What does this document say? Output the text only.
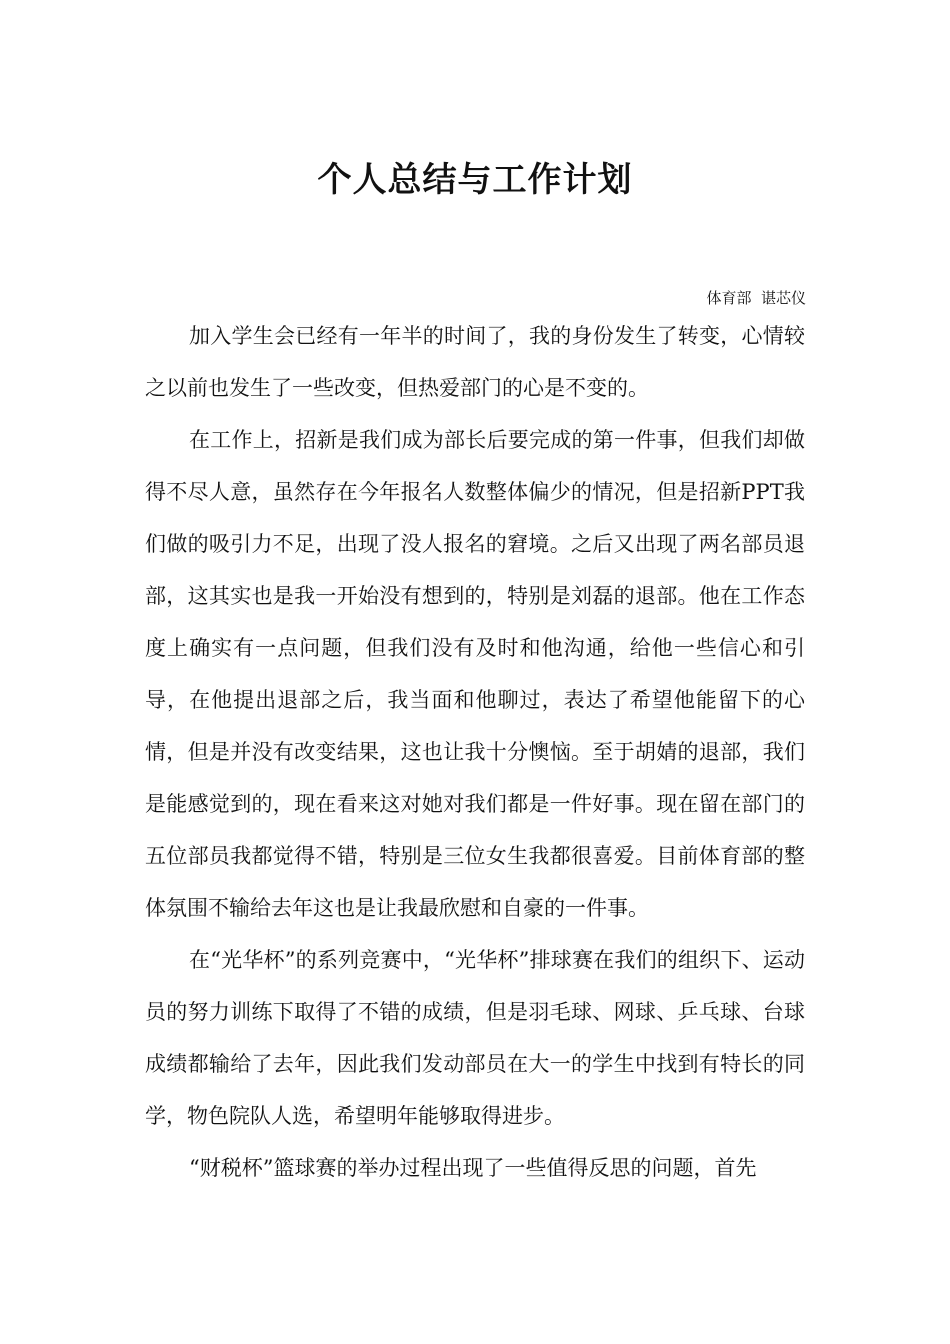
个人总结与工作计划
体育部  谌芯仪

加入学生会已经有一年半的时间了，我的身份发生了转变，心情较之以前也发生了一些改变，但热爱部门的心是不变的。

在工作上，招新是我们成为部长后要完成的第一件事，但我们却做得不尽人意，虽然存在今年报名人数整体偏少的情况，但是招新PPT我们做的吸引力不足，出现了没人报名的窘境。之后又出现了两名部员退部，这其实也是我一开始没有想到的，特别是刘磊的退部。他在工作态度上确实有一点问题，但我们没有及时和他沟通，给他一些信心和引导，在他提出退部之后，我当面和他聊过，表达了希望他能留下的心情，但是并没有改变结果，这也让我十分懊恼。至于胡婧的退部，我们是能感觉到的，现在看来这对她对我们都是一件好事。现在留在部门的五位部员我都觉得不错，特别是三位女生我都很喜爱。目前体育部的整体氛围不输给去年这也是让我最欣慰和自豪的一件事。

在“光华杯”的系列竞赛中，“光华杯”排球赛在我们的组织下、运动员的努力训练下取得了不错的成绩，但是羽毛球、网球、乒乓球、台球成绩都输给了去年，因此我们发动部员在大一的学生中找到有特长的同学，物色院队人选，希望明年能够取得进步。

“财税杯”篮球赛的举办过程出现了一些值得反思的问题，首先
